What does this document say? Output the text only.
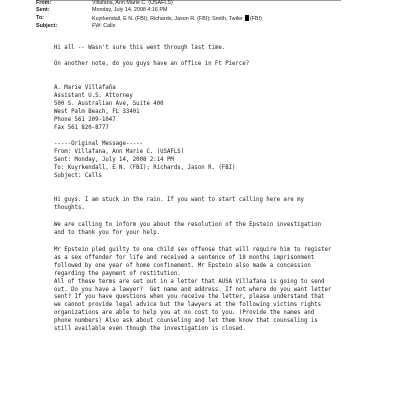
From:	Villafana, Ann Marie C. (USAFLS)
Sent:	Monday, July 14, 2008 4:16 PM
To:	Kuyrkendall, E N. (FBI); Richards, Jason R. (FBI); Smith, Twiler (FBI)
Subject:	FW: Calls
Hi all -- Wasn't sure this went through last time.
On another note, do you guys have an office in Ft Pierce?
A. Marie Villafaña
Assistant U.S. Attorney
500 S. Australian Ave, Suite 400
West Palm Beach, FL 33401
Phone 561 209-1047
Fax 561 820-8777
-----Original Message-----
From: Villafana, Ann Marie C. (USAFLS)
Sent: Monday, July 14, 2008 2:14 PM
To: Kuyrkendall, E N. (FBI); Richards, Jason R. (FBI)
Subject: Calls
Hi guys. I am stuck in the rain. If you want to start calling here are my
thoughts.
We are calling to inform you about the resolution of the Epstein investigation
and to thank you for your help.
Mr Epstein pled guilty to one child sex offense that will require him to register
as a sex offender for life and received a sentence of 18 months imprisonment
followed by one year of home confinement. Mr Epstein also made a concession
regarding the payment of restitution.
All of these terms are set out in a letter that AUSA Villafana is going to send
out. Do you have a lawyer?  Get name and address. If not where do you want letter
sent? If you have questions when you receive the letter, please understand that
we cannot provide legal advice but the lawyers at the following victims rights
organizations are able to help you at no cost to you. (Provide the names and
phone numbers) Also ask about counseling and let them know that counseling is
still available even though the investigation is closed.
